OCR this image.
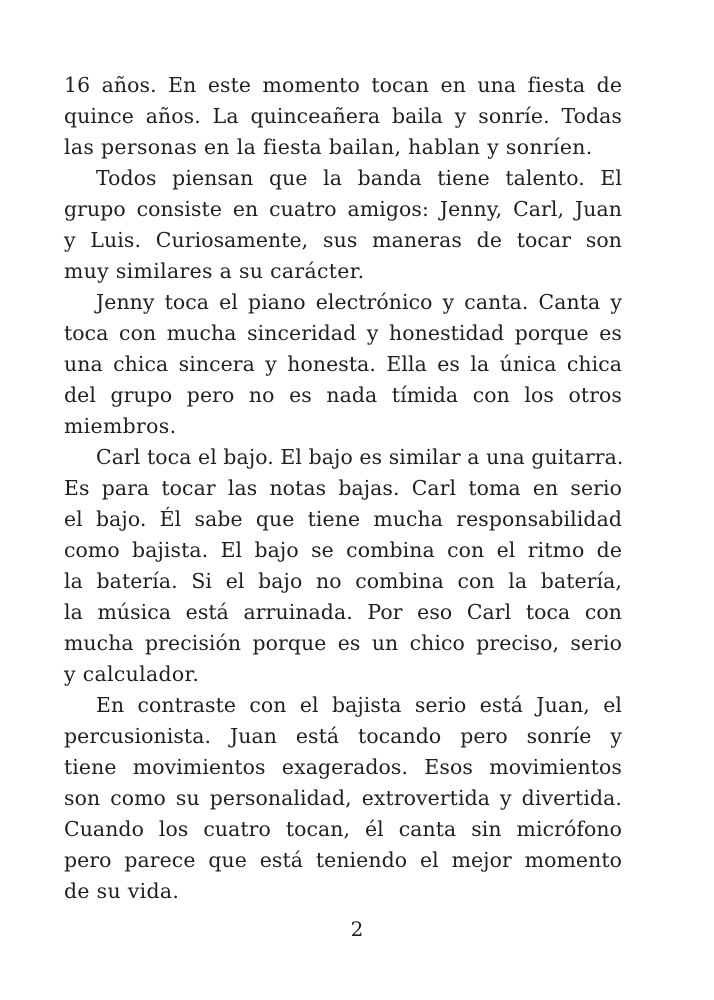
16 años. En este momento tocan en una fiesta de
quince años. La quinceañera baila y sonríe. Todas
las personas en la fiesta bailan, hablan y sonríen.
Todos piensan que la banda tiene talento. El
grupo consiste en cuatro amigos: Jenny, Carl, Juan
y Luis. Curiosamente, sus maneras de tocar son
muy similares a su carácter.
Jenny toca el piano electrónico y canta. Canta y
toca con mucha sinceridad y honestidad porque es
una chica sincera y honesta. Ella es la única chica
del grupo pero no es nada tímida con los otros
miembros.
Carl toca el bajo. El bajo es similar a una guitarra.
Es para tocar las notas bajas. Carl toma en serio
el bajo. Él sabe que tiene mucha responsabilidad
como bajista. El bajo se combina con el ritmo de
la batería. Si el bajo no combina con la batería,
la música está arruinada. Por eso Carl toca con
mucha precisión porque es un chico preciso, serio
y calculador.
En contraste con el bajista serio está Juan, el
percusionista. Juan está tocando pero sonríe y
tiene movimientos exagerados. Esos movimientos
son como su personalidad, extrovertida y divertida.
Cuando los cuatro tocan, él canta sin micrófono
pero parece que está teniendo el mejor momento
de su vida.
2
